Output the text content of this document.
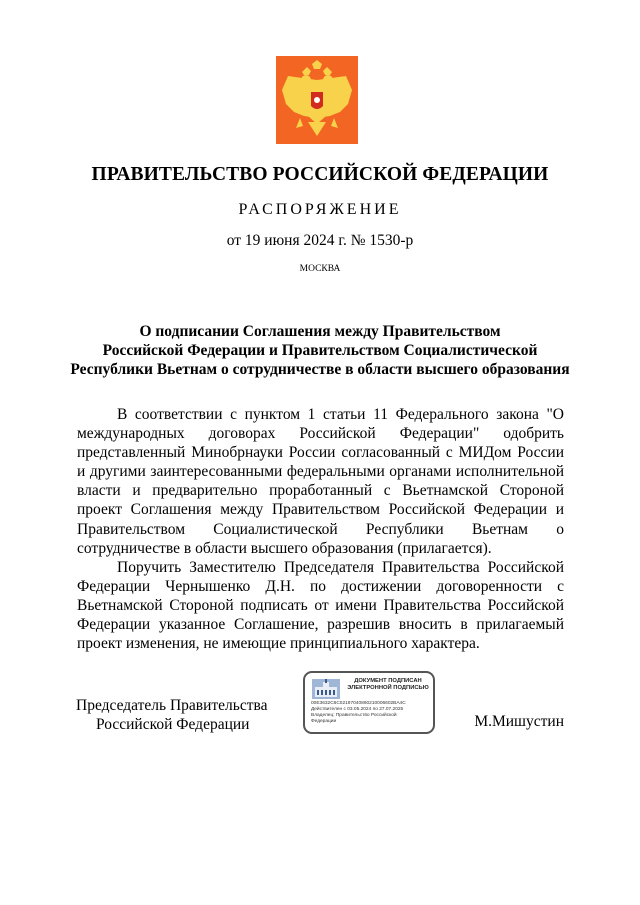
ПРАВИТЕЛЬСТВО РОССИЙСКОЙ ФЕДЕРАЦИИ
РАСПОРЯЖЕНИЕ
от 19 июня 2024 г. № 1530-р
МОСКВА
О подписании Соглашения между Правительством
Российской Федерации и Правительством Социалистической
Республики Вьетнам о сотрудничестве в области высшего образования

В соответствии с пунктом 1 статьи 11 Федерального закона "О международных договорах Российской Федерации" одобрить представленный Минобрнауки России согласованный с МИДом России и другими заинтересованными федеральными органами исполнительной власти и предварительно проработанный с Вьетнамской Стороной проект Соглашения между Правительством Российской Федерации и Правительством Социалистической Республики Вьетнам о сотрудничестве в области высшего образования (прилагается).

Поручить Заместителю Председателя Правительства Российской Федерации Чернышенко Д.Н. по достижении договоренности с Вьетнамской Стороной подписать от имени Правительства Российской Федерации указанное Соглашение, разрешив вносить в прилагаемый проект изменения, не имеющие принципиального характера.

Председатель Правительства
Российской Федерации
ДОКУМЕНТ ПОДПИСАН
ЭЛЕКТРОННОЙ ПОДПИСЬЮ
00E3632C6C02197040860210006602BA4C
Действителен с 03.05.2024 по 27.07.2025
Владелец: Правительство Российской
Федерации	М.Мишустин
